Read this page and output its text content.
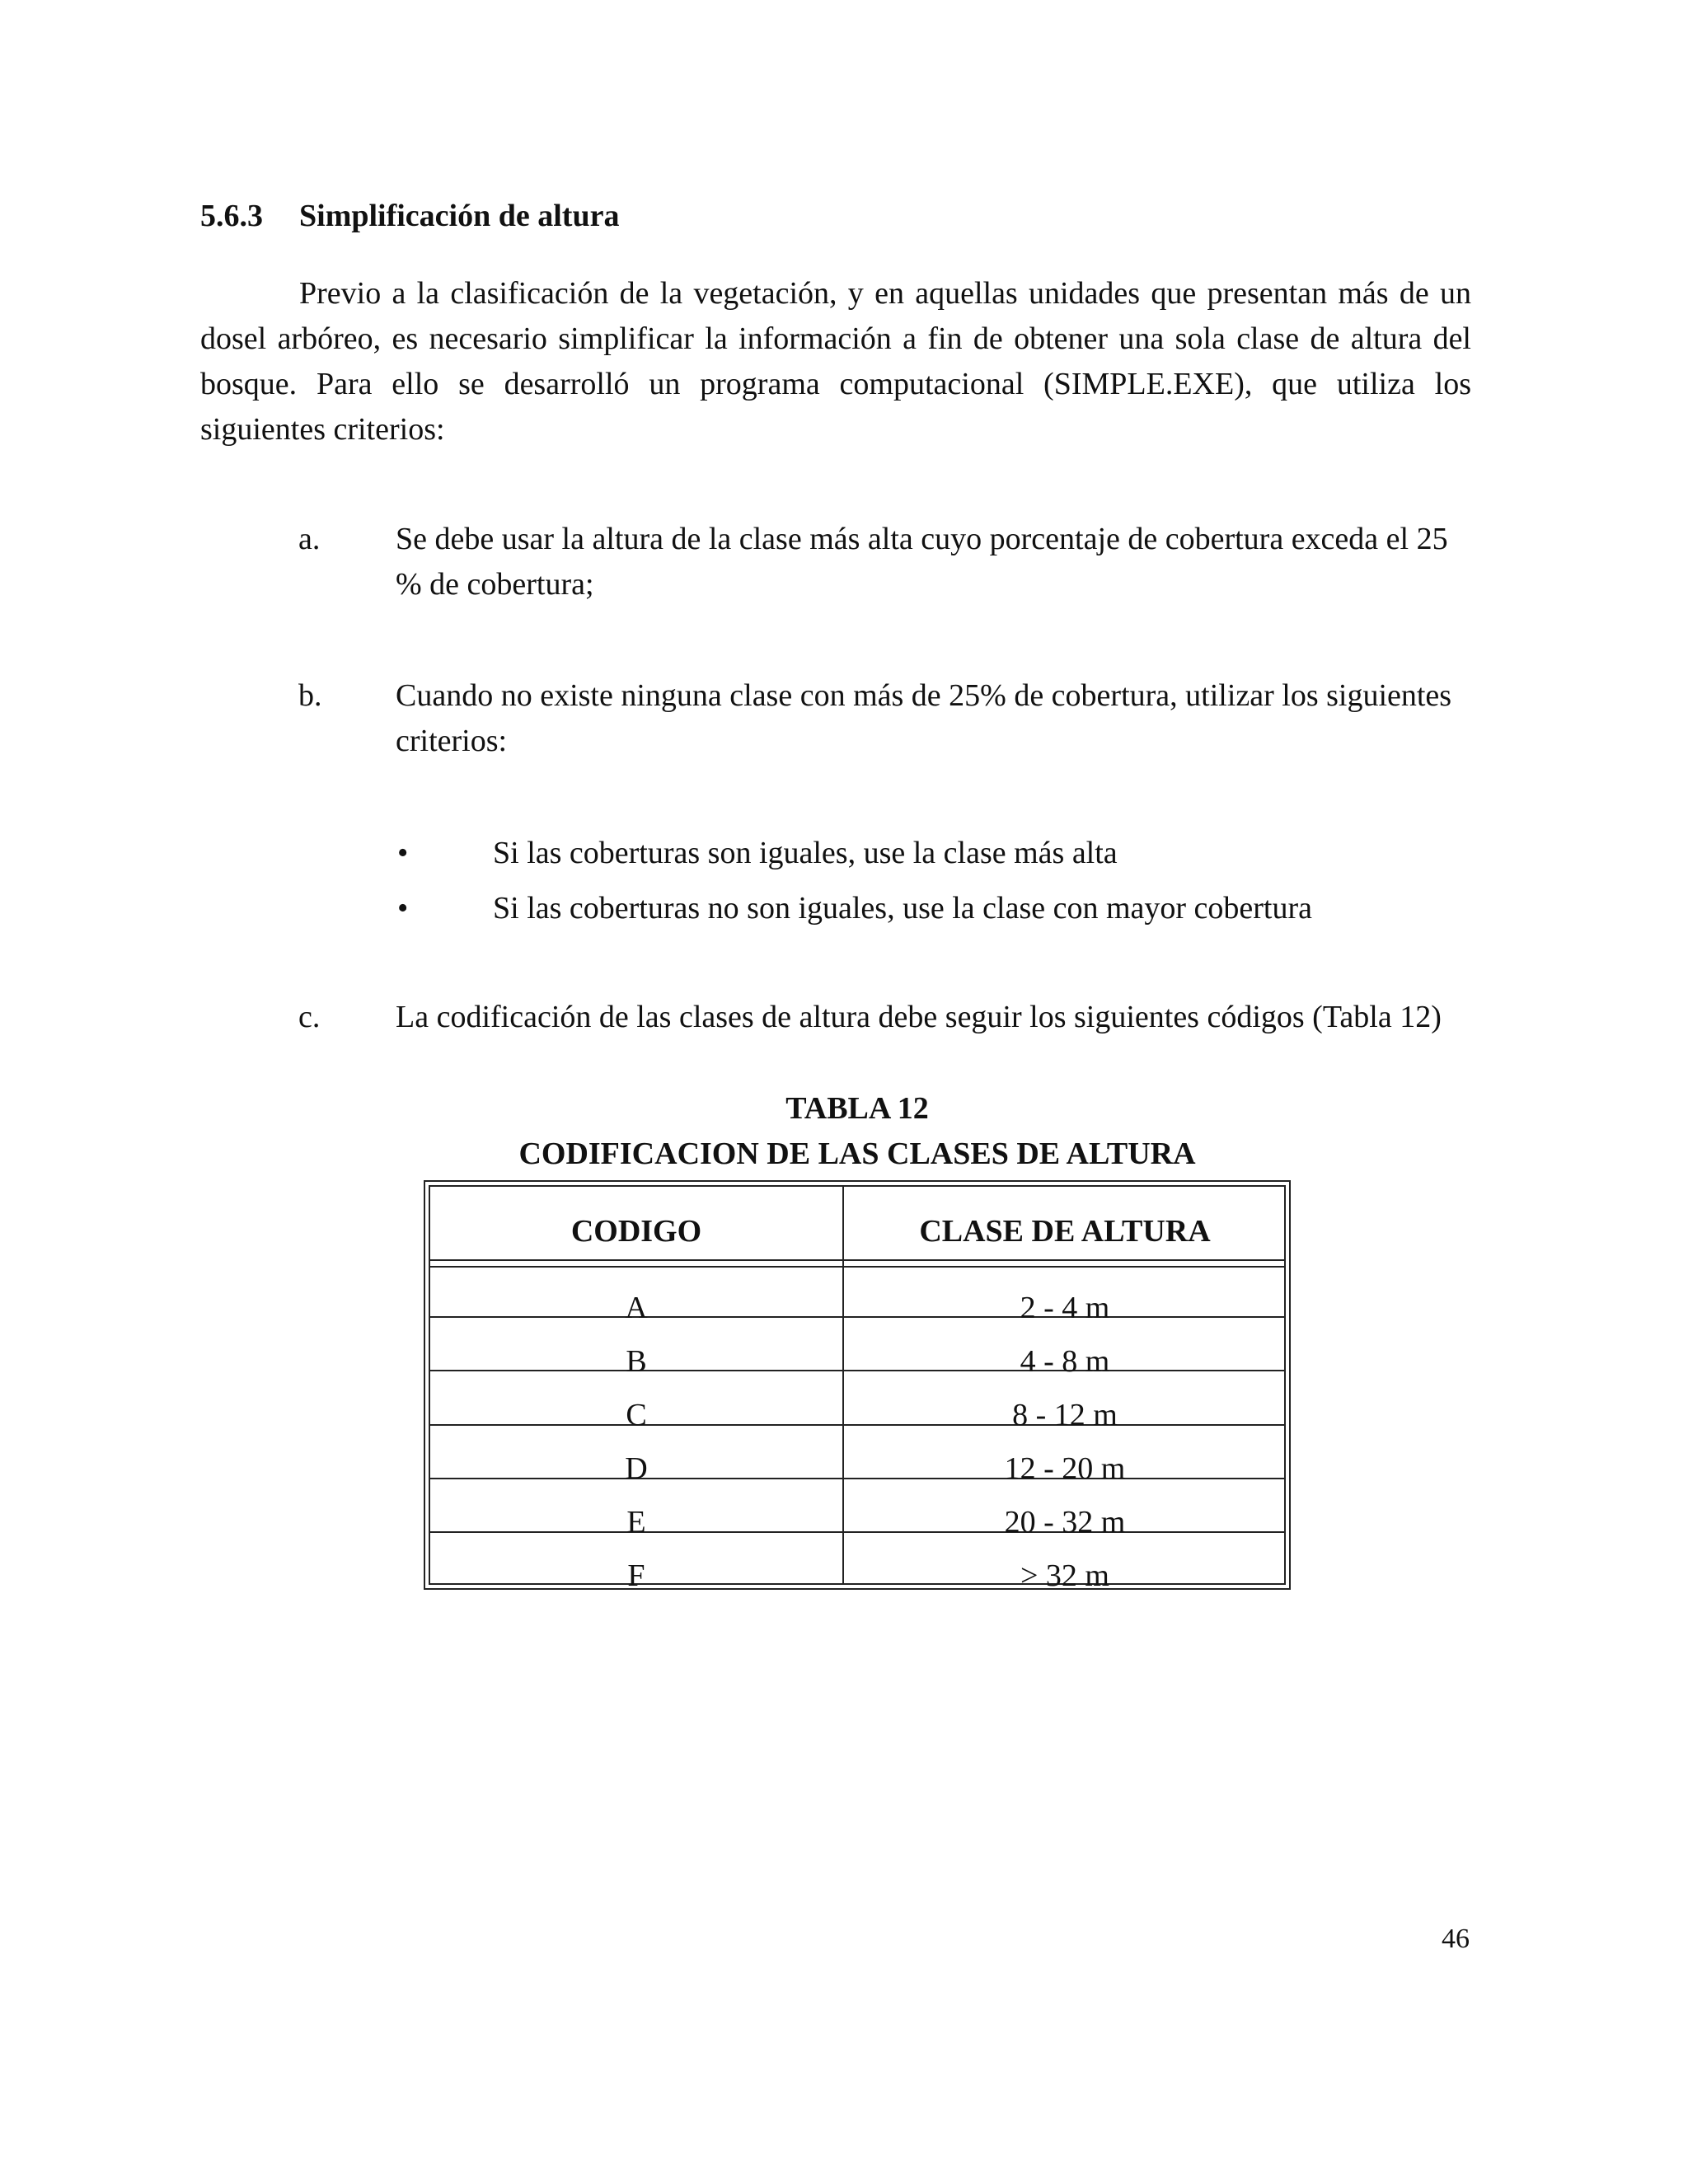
5.6.3 Simplificación de altura
Previo a la clasificación de la vegetación, y en aquellas unidades que presentan más de un dosel arbóreo, es necesario simplificar la información a fin de obtener una sola clase de altura del bosque. Para ello se desarrolló un programa computacional (SIMPLE.EXE), que utiliza los siguientes criterios:
a. Se debe usar la altura de la clase más alta cuyo porcentaje de cobertura exceda el 25
% de cobertura;
b. Cuando no existe ninguna clase con más de 25% de cobertura, utilizar los siguientes
criterios:
•	Si las coberturas son iguales, use la clase más alta
•	Si las coberturas no son iguales, use la clase con mayor cobertura
c. La codificación de las clases de altura debe seguir los siguientes códigos (Tabla 12)
TABLA 12
CODIFICACION DE LAS CLASES DE ALTURA
CODIGO	CLASE DE ALTURA
A	2 - 4 m
B	4 - 8 m
C	8 - 12 m
D	12 - 20 m
E	20 - 32 m
F	> 32 m
46
